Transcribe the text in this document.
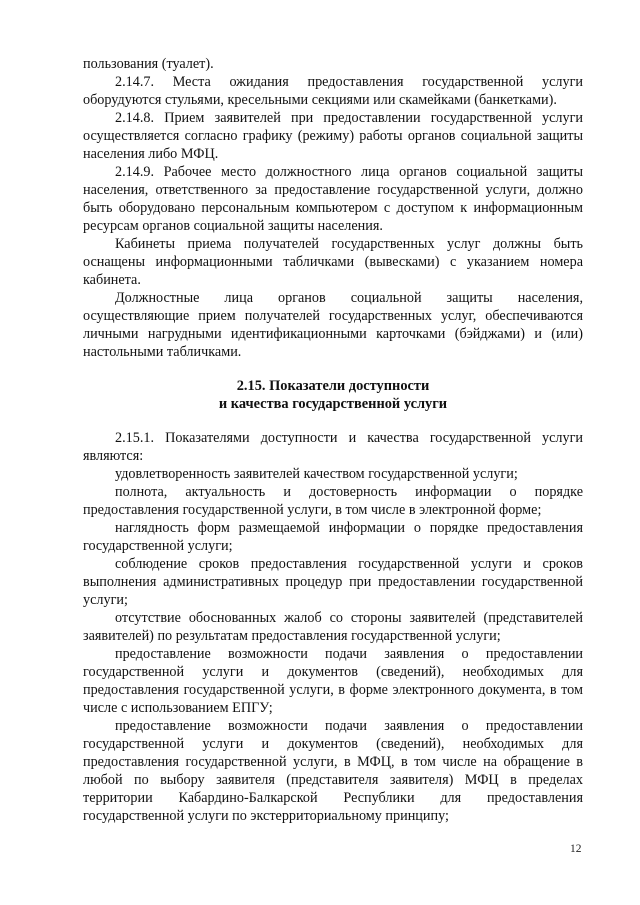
пользования (туалет).

2.14.7. Места ожидания предоставления государственной услуги оборудуются стульями, кресельными секциями или скамейками (банкетками).

2.14.8. Прием заявителей при предоставлении государственной услуги осуществляется согласно графику (режиму) работы органов социальной защиты населения либо МФЦ.

2.14.9. Рабочее место должностного лица органов социальной защиты населения, ответственного за предоставление государственной услуги, должно быть оборудовано персональным компьютером с доступом к информационным ресурсам органов социальной защиты населения.

Кабинеты приема получателей государственных услуг должны быть оснащены информационными табличками (вывесками) с указанием номера кабинета.

Должностные лица органов социальной защиты населения, осуществляющие прием получателей государственных услуг, обеспечиваются личными нагрудными идентификационными карточками (бэйджами) и (или) настольными табличками.

2.15. Показатели доступности
и качества государственной услуги

2.15.1. Показателями доступности и качества государственной услуги являются:

удовлетворенность заявителей качеством государственной услуги;

полнота, актуальность и достоверность информации о порядке предоставления государственной услуги, в том числе в электронной форме;

наглядность форм размещаемой информации о порядке предоставления государственной услуги;

соблюдение сроков предоставления государственной услуги и сроков выполнения административных процедур при предоставлении государственной услуги;

отсутствие обоснованных жалоб со стороны заявителей (представителей заявителей) по результатам предоставления государственной услуги;

предоставление возможности подачи заявления о предоставлении государственной услуги и документов (сведений), необходимых для предоставления государственной услуги, в форме электронного документа, в том числе с использованием ЕПГУ;

предоставление возможности подачи заявления о предоставлении государственной услуги и документов (сведений), необходимых для предоставления государственной услуги, в МФЦ, в том числе на обращение в любой по выбору заявителя (представителя заявителя) МФЦ в пределах территории Кабардино-Балкарской Республики для предоставления государственной услуги по экстерриториальному принципу;

12
